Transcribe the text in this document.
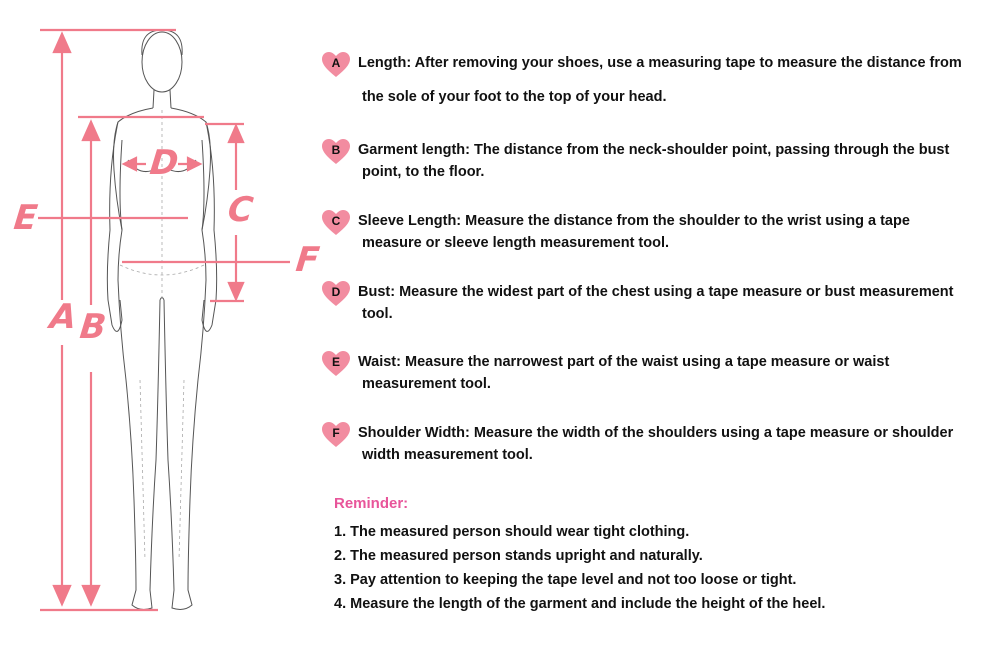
A B
C
D
E
F
A	Length: After removing your shoes, use a measuring tape to measure the distance from
the sole of your foot to the top of your head.
B	Garment length: The distance from the neck-shoulder point, passing through the bust
point, to the floor.
C	Sleeve Length: Measure the distance from the shoulder to the wrist using a tape
measure or sleeve length measurement tool.
D	Bust: Measure the widest part of the chest using a tape measure or bust measurement
tool.
E	Waist: Measure the narrowest part of the waist using a tape measure or waist
measurement tool.
F	Shoulder Width: Measure the width of the shoulders using a tape measure or shoulder
width measurement tool.
Reminder:
1. The measured person should wear tight clothing.
2. The measured person stands upright and naturally.
3. Pay attention to keeping the tape level and not too loose or tight.
4. Measure the length of the garment and include the height of the heel.
